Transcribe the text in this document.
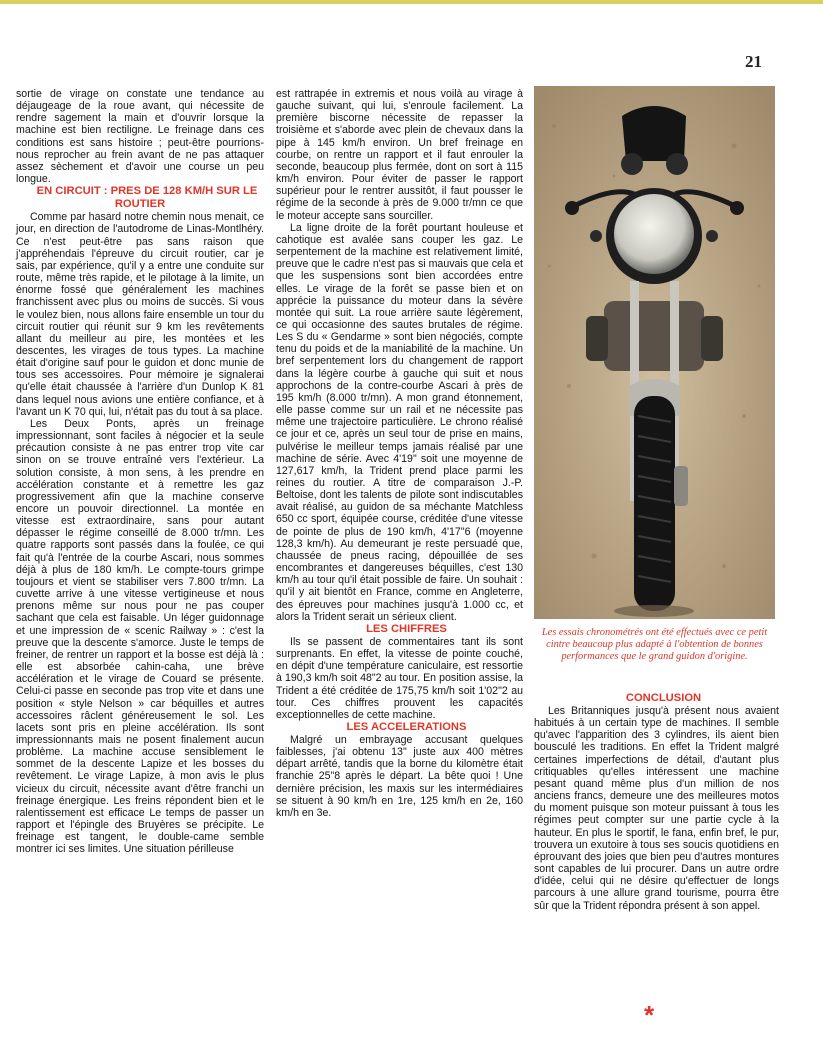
21

sortie de virage on constate une tendance au déjaugeage de la roue avant, qui nécessite de rendre sagement la main et d'ouvrir lorsque la machine est bien rectiligne. Le freinage dans ces conditions est sans histoire ; peut-être pourrions-nous reprocher au frein avant de ne pas attaquer assez sèchement et d'avoir une course un peu longue.

EN CIRCUIT : PRES DE 128 KM/H SUR LE ROUTIER

Comme par hasard notre chemin nous menait, ce jour, en direction de l'autodrome de Linas-Montlhéry. Ce n'est peut-être pas sans raison que j'appréhendais l'épreuve du circuit routier, car je sais, par expérience, qu'il y a entre une conduite sur route, même très rapide, et le pilotage à la limite, un énorme fossé que généralement les machines franchissent avec plus ou moins de succès. Si vous le voulez bien, nous allons faire ensemble un tour du circuit routier qui réunit sur 9 km les revêtements allant du meilleur au pire, les montées et les descentes, les virages de tous types. La machine était d'origine sauf pour le guidon et donc munie de tous ses accessoires. Pour mémoire je signalerai qu'elle était chaussée à l'arrière d'un Dunlop K 81 dans lequel nous avions une entière confiance, et à l'avant un K 70 qui, lui, n'était pas du tout à sa place.

Les Deux Ponts, après un freinage impressionnant, sont faciles à négocier et la seule précaution consiste à ne pas entrer trop vite car sinon on se trouve entraîné vers l'extérieur. La solution consiste, à mon sens, à les prendre en accélération constante et à remettre les gaz progressivement afin que la machine conserve encore un pouvoir directionnel. La montée en vitesse est extraordinaire, sans pour autant dépasser le régime conseillé de 8.000 tr/mn. Les quatre rapports sont passés dans la foulée, ce qui fait qu'à l'entrée de la courbe Ascari, nous sommes déjà à plus de 180 km/h. Le compte-tours grimpe toujours et vient se stabiliser vers 7.800 tr/mn. La cuvette arrive à une vitesse vertigineuse et nous prenons même sur nous pour ne pas couper sachant que cela est faisable. Un léger guidonnage et une impression de « scenic Railway » : c'est la preuve que la descente s'amorce. Juste le temps de freiner, de rentrer un rapport et la bosse est déjà là : elle est absorbée cahin-caha, une brève accélération et le virage de Couard se présente. Celui-ci passe en seconde pas trop vite et dans une position « style Nelson » car béquilles et autres accessoires râclent généreusement le sol. Les lacets sont pris en pleine accélération. Ils sont impressionnants mais ne posent finalement aucun problème. La machine accuse sensiblement le sommet de la descente Lapize et les bosses du revêtement. Le virage Lapize, à mon avis le plus vicieux du circuit, nécessite avant d'être franchi un freinage énergique. Les freins répondent bien et le ralentissement est efficace Le temps de passer un rapport et l'épingle des Bruyères se précipite. Le freinage est tangent, le double-came semble montrer ici ses limites. Une situation périlleuse

est rattrapée in extremis et nous voilà au virage à gauche suivant, qui lui, s'enroule facilement. La première biscorne nécessite de repasser la troisième et s'aborde avec plein de chevaux dans la pipe à 145 km/h environ. Un bref freinage en courbe, on rentre un rapport et il faut enrouler la seconde, beaucoup plus fermée, dont on sort à 115 km/h environ. Pour éviter de passer le rapport supérieur pour le rentrer aussitôt, il faut pousser le régime de la seconde à près de 9.000 tr/mn ce que le moteur accepte sans sourciller.

La ligne droite de la forêt pourtant houleuse et cahotique est avalée sans couper les gaz. Le serpentement de la machine est relativement limité, preuve que le cadre n'est pas si mauvais que cela et que les suspensions sont bien accordées entre elles. Le virage de la forêt se passe bien et on apprécie la puissance du moteur dans la sévère montée qui suit. La roue arrière saute légèrement, ce qui occasionne des sautes brutales de régime. Les S du « Gendarme » sont bien négociés, compte tenu du poids et de la maniabilité de la machine. Un bref serpentement lors du changement de rapport dans la légère courbe à gauche qui suit et nous approchons de la contre-courbe Ascari à près de 195 km/h (8.000 tr/mn). A mon grand étonnement, elle passe comme sur un rail et ne nécessite pas même une trajectoire particulière. Le chrono réalisé ce jour et ce, après un seul tour de prise en mains, pulvérise le meilleur temps jamais réalisé par une machine de série. Avec 4'19" soit une moyenne de 127,617 km/h, la Trident prend place parmi les reines du routier. A titre de comparaison J.-P. Beltoise, dont les talents de pilote sont indiscutables avait réalisé, au guidon de sa méchante Matchless 650 cc sport, équipée course, créditée d'une vitesse de pointe de plus de 190 km/h, 4'17"6 (moyenne 128,3 km/h). Au demeurant je reste persuadé que, chaussée de pneus racing, dépouillée de ses encombrantes et dangereuses béquilles, c'est 130 km/h au tour qu'il était possible de faire. Un souhait : qu'il y ait bientôt en France, comme en Angleterre, des épreuves pour machines jusqu'à 1.000 cc, et alors la Trident serait un sérieux client.

LES CHIFFRES

Ils se passent de commentaires tant ils sont surprenants. En effet, la vitesse de pointe couché, en dépit d'une température caniculaire, est ressortie à 190,3 km/h soit 48"2 au tour. En position assise, la Trident a été créditée de 175,75 km/h soit 1'02"2 au tour. Ces chiffres prouvent les capacités exceptionnelles de cette machine.

LES ACCELERATIONS

Malgré un embrayage accusant quelques faiblesses, j'ai obtenu 13" juste aux 400 mètres départ arrêté, tandis que la borne du kilomètre était franchie 25"8 après le départ. La bête quoi ! Une dernière précision, les maxis sur les intermédiaires se situent à 90 km/h en 1re, 125 km/h en 2e, 160 km/h en 3e.

Les essais chronométrés ont été effectués avec ce petit cintre beaucoup plus adapté à l'obtention de bonnes performances que le grand guidon d'origine.

CONCLUSION

Les Britanniques jusqu'à présent nous avaient habitués à un certain type de machines. Il semble qu'avec l'apparition des 3 cylindres, ils aient bien bousculé les traditions. En effet la Trident malgré certaines imperfections de détail, d'autant plus critiquables qu'elles intéressent une machine pesant quand même plus d'un million de nos anciens francs, demeure une des meilleures motos du moment puisque son moteur puissant à tous les régimes peut compter sur une partie cycle à la hauteur. En plus le sportif, le fana, enfin bref, le pur, trouvera un exutoire à tous ses soucis quotidiens en éprouvant des joies que bien peu d'autres montures sont capables de lui procurer. Dans un autre ordre d'idée, celui qui ne désire qu'effectuer de longs parcours à une allure grand tourisme, pourra être sûr que la Trident répondra présent à son appel.

*
